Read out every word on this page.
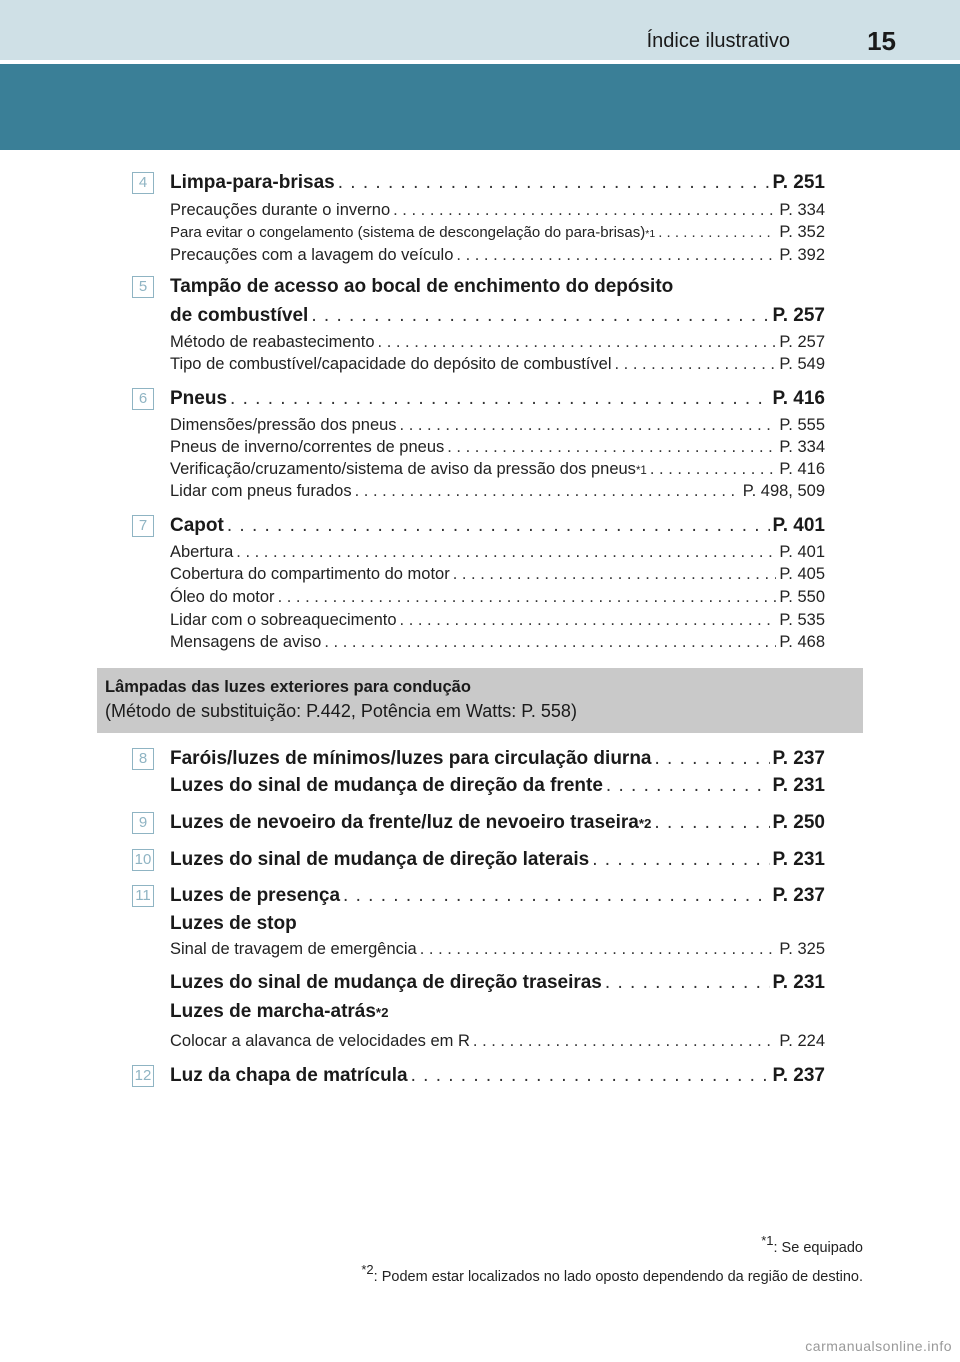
Índice ilustrativo	15
4	Limpa-para-brisas . . .	P. 251
Precauções durante o inverno . . .	P. 334
Para evitar o congelamento (sistema de descongelação do para-brisas) *1 . . .	P. 352
Precauções com a lavagem do veículo . . .	P. 392
5	Tampão de acesso ao bocal de enchimento do depósito
de combustível . . .	P. 257
Método de reabastecimento . . .	P. 257
Tipo de combustível/capacidade do depósito de combustível . . .	P. 549
6	Pneus . . .	P. 416
Dimensões/pressão dos pneus . . .	P. 555
Pneus de inverno/correntes de pneus . . .	P. 334
Verificação/cruzamento/sistema de aviso da pressão dos pneus *1 . . .	P. 416
Lidar com pneus furados . . .	P. 498, 509
7	Capot . . .	P. 401
Abertura . . .	P. 401
Cobertura do compartimento do motor . . .	P. 405
Óleo do motor . . .	P. 550
Lidar com o sobreaquecimento . . .	P. 535
Mensagens de aviso . . .	P. 468
Lâmpadas das luzes exteriores para condução
(Método de substituição: P.442, Potência em Watts: P. 558)
8	Faróis/luzes de mínimos/luzes para circulação diurna . . .	P. 237
Luzes do sinal de mudança de direção da frente . . .	P. 231
9	Luzes de nevoeiro da frente/luz de nevoeiro traseira *2 . . .	P. 250
10 Luzes do sinal de mudança de direção laterais . . .	P. 231
11 Luzes de presença . . .	P. 237
Luzes de stop
Sinal de travagem de emergência . . .	P. 325
Luzes do sinal de mudança de direção traseiras . . .	P. 231
Luzes de marcha-atrás *2
Colocar a alavanca de velocidades em R . . .	P. 224
12 Luz da chapa de matrícula . . .	P. 237
$^{*1}$: Se equipado
$^{*2}$: Podem estar localizados no lado oposto dependendo da região de destino.
carmanualsonline.info
